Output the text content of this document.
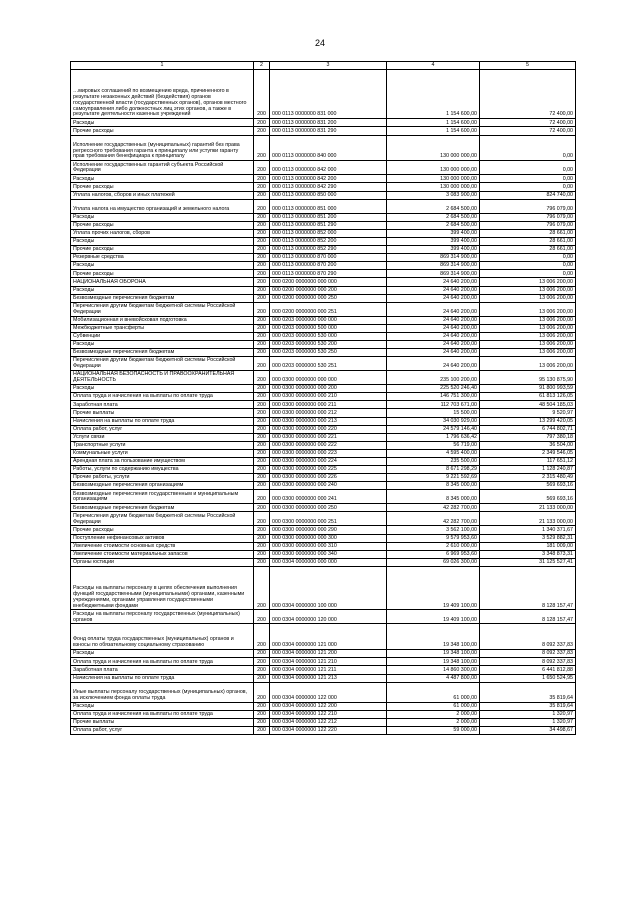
24
1	2	3	4	5
…мировых соглашений по возмещению вреда, причиненного в результате незаконных действий (бездействия) органов государственной власти (государственных органов), органов местного самоуправления либо должностных лиц этих органов, а также в результате деятельности казенных учреждений	200	000 0113 0000000 831 000	1 154 600,00	72 400,00
Расходы	200	000 0113 0000000 831 200	1 154 600,00	72 400,00
Прочие расходы	200	000 0113 0000000 831 290	1 154 600,00	72 400,00
Исполнение государственных (муниципальных) гарантий без права регрессного требования гаранта к принципалу или уступки гаранту прав требования бенефициара к принципалу	200	000 0113 0000000 840 000	130 000 000,00	0,00
Исполнение государственных гарантий субъекта Российской Федерации	200	000 0113 0000000 842 000	130 000 000,00	0,00
Расходы	200	000 0113 0000000 842 200	130 000 000,00	0,00
Прочие расходы	200	000 0113 0000000 842 290	130 000 000,00	0,00
Уплата налогов, сборов и иных платежей	200	000 0113 0000000 850 000	3 083 900,00	824 740,00
Уплата налога на имущество организаций и земельного налога	200	000 0113 0000000 851 000	2 684 500,00	796 079,00
Расходы	200	000 0113 0000000 851 200	2 684 500,00	796 079,00
Прочие расходы	200	000 0113 0000000 851 290	2 684 500,00	796 079,00
Уплата прочих налогов, сборов	200	000 0113 0000000 852 000	399 400,00	28 661,00
Расходы	200	000 0113 0000000 852 200	399 400,00	28 661,00
Прочие расходы	200	000 0113 0000000 852 290	399 400,00	28 661,00
Резервные средства	200	000 0113 0000000 870 000	869 314 900,00	0,00
Расходы	200	000 0113 0000000 870 200	869 314 900,00	0,00
Прочие расходы	200	000 0113 0000000 870 290	869 314 900,00	0,00
НАЦИОНАЛЬНАЯ ОБОРОНА	200	000 0200 0000000 000 000	24 640 200,00	13 006 200,00
Расходы	200	000 0200 0000000 000 200	24 640 200,00	13 006 200,00
Безвозмездные перечисления бюджетам	200	000 0200 0000000 000 250	24 640 200,00	13 006 200,00
Перечисления другим бюджетам бюджетной системы Российской Федерации	200	000 0200 0000000 000 251	24 640 200,00	13 006 200,00
Мобилизационная и вневойсковая подготовка	200	000 0203 0000000 000 000	24 640 200,00	13 006 200,00
Межбюджетные трансферты	200	000 0203 0000000 500 000	24 640 200,00	13 006 200,00
Субвенции	200	000 0203 0000000 530 000	24 640 200,00	13 006 200,00
Расходы	200	000 0203 0000000 530 200	24 640 200,00	13 006 200,00
Безвозмездные перечисления бюджетам	200	000 0203 0000000 530 250	24 640 200,00	13 006 200,00
Перечисления другим бюджетам бюджетной системы Российской Федерации	200	000 0203 0000000 530 251	24 640 200,00	13 006 200,00
НАЦИОНАЛЬНАЯ БЕЗОПАСНОСТЬ И ПРАВООХРАНИТЕЛЬНАЯ ДЕЯТЕЛЬНОСТЬ	200	000 0300 0000000 000 000	235 100 200,00	95 130 875,90
Расходы	200	000 0300 0000000 000 200	225 520 246,40	91 800 993,59
Оплата труда и начисления на выплаты по оплате труда	200	000 0300 0000000 000 210	146 751 300,00	61 813 126,05
Заработная плата	200	000 0300 0000000 000 211	112 703 671,00	48 504 185,03
Прочие выплаты	200	000 0300 0000000 000 212	15 500,00	9 520,97
Начисления на выплаты по оплате труда	200	000 0300 0000000 000 213	34 030 929,00	13 299 420,05
Оплата работ, услуг	200	000 0300 0000000 000 220	24 579 146,40	6 744 802,71
Услуги связи	200	000 0300 0000000 000 221	1 796 636,42	797 380,18
Транспортные услуги	200	000 0300 0000000 000 222	56 719,00	36 504,00
Коммунальные услуги	200	000 0300 0000000 000 223	4 595 400,00	2 349 546,05
Арендная плата за пользование имуществом	200	000 0300 0000000 000 224	235 500,00	117 651,12
Работы, услуги по содержанию имущества	200	000 0300 0000000 000 225	8 671 298,29	1 128 240,87
Прочие работы, услуги	200	000 0300 0000000 000 226	9 221 592,69	2 315 480,49
Безвозмездные перечисления организациям	200	000 0300 0000000 000 240	8 345 000,00	569 693,16
Безвозмездные перечисления государственным и муниципальным организациям	200	000 0300 0000000 000 241	8 345 000,00	569 693,16
Безвозмездные перечисления бюджетам	200	000 0300 0000000 000 250	42 282 700,00	21 133 000,00
Перечисления другим бюджетам бюджетной системы Российской Федерации	200	000 0300 0000000 000 251	42 282 700,00	21 133 000,00
Прочие расходы	200	000 0300 0000000 000 290	3 562 100,00	1 340 371,67
Поступление нефинансовых активов	200	000 0300 0000000 000 300	9 579 953,60	3 529 882,31
Увеличение стоимости основных средств	200	000 0300 0000000 000 310	2 610 000,00	181 009,00
Увеличение стоимости материальных запасов	200	000 0300 0000000 000 340	6 969 953,60	3 348 873,31
Органы юстиции	200	000 0304 0000000 000 000	69 026 300,00	31 125 527,41
Расходы на выплаты персоналу в целях обеспечения выполнения функций государственными (муниципальными) органами, казенными учреждениями, органами управления государственными внебюджетными фондами	200	000 0304 0000000 100 000	19 409 100,00	8 128 157,47
Расходы на выплаты персоналу государственных (муниципальных) органов	200	000 0304 0000000 120 000	19 409 100,00	8 128 157,47
Фонд оплаты труда государственных (муниципальных) органов и взносы по обязательному социальному страхованию	200	000 0304 0000000 121 000	19 348 100,00	8 092 337,83
Расходы	200	000 0304 0000000 121 200	19 348 100,00	8 092 337,83
Оплата труда и начисления на выплаты по оплате труда	200	000 0304 0000000 121 210	19 348 100,00	8 092 337,83
Заработная плата	200	000 0304 0000000 121 211	14 860 300,00	6 441 812,88
Начисления на выплаты по оплате труда	200	000 0304 0000000 121 213	4 487 800,00	1 650 524,95
Иные выплаты персоналу государственных (муниципальных) органов, за исключением фонда оплаты труда	200	000 0304 0000000 122 000	61 000,00	35 819,64
Расходы	200	000 0304 0000000 122 200	61 000,00	35 819,64
Оплата труда и начисления на выплаты по оплате труда	200	000 0304 0000000 122 210	2 000,00	1 320,97
Прочие выплаты	200	000 0304 0000000 122 212	2 000,00	1 320,97
Оплата работ, услуг	200	000 0304 0000000 122 220	59 000,00	34 498,67
